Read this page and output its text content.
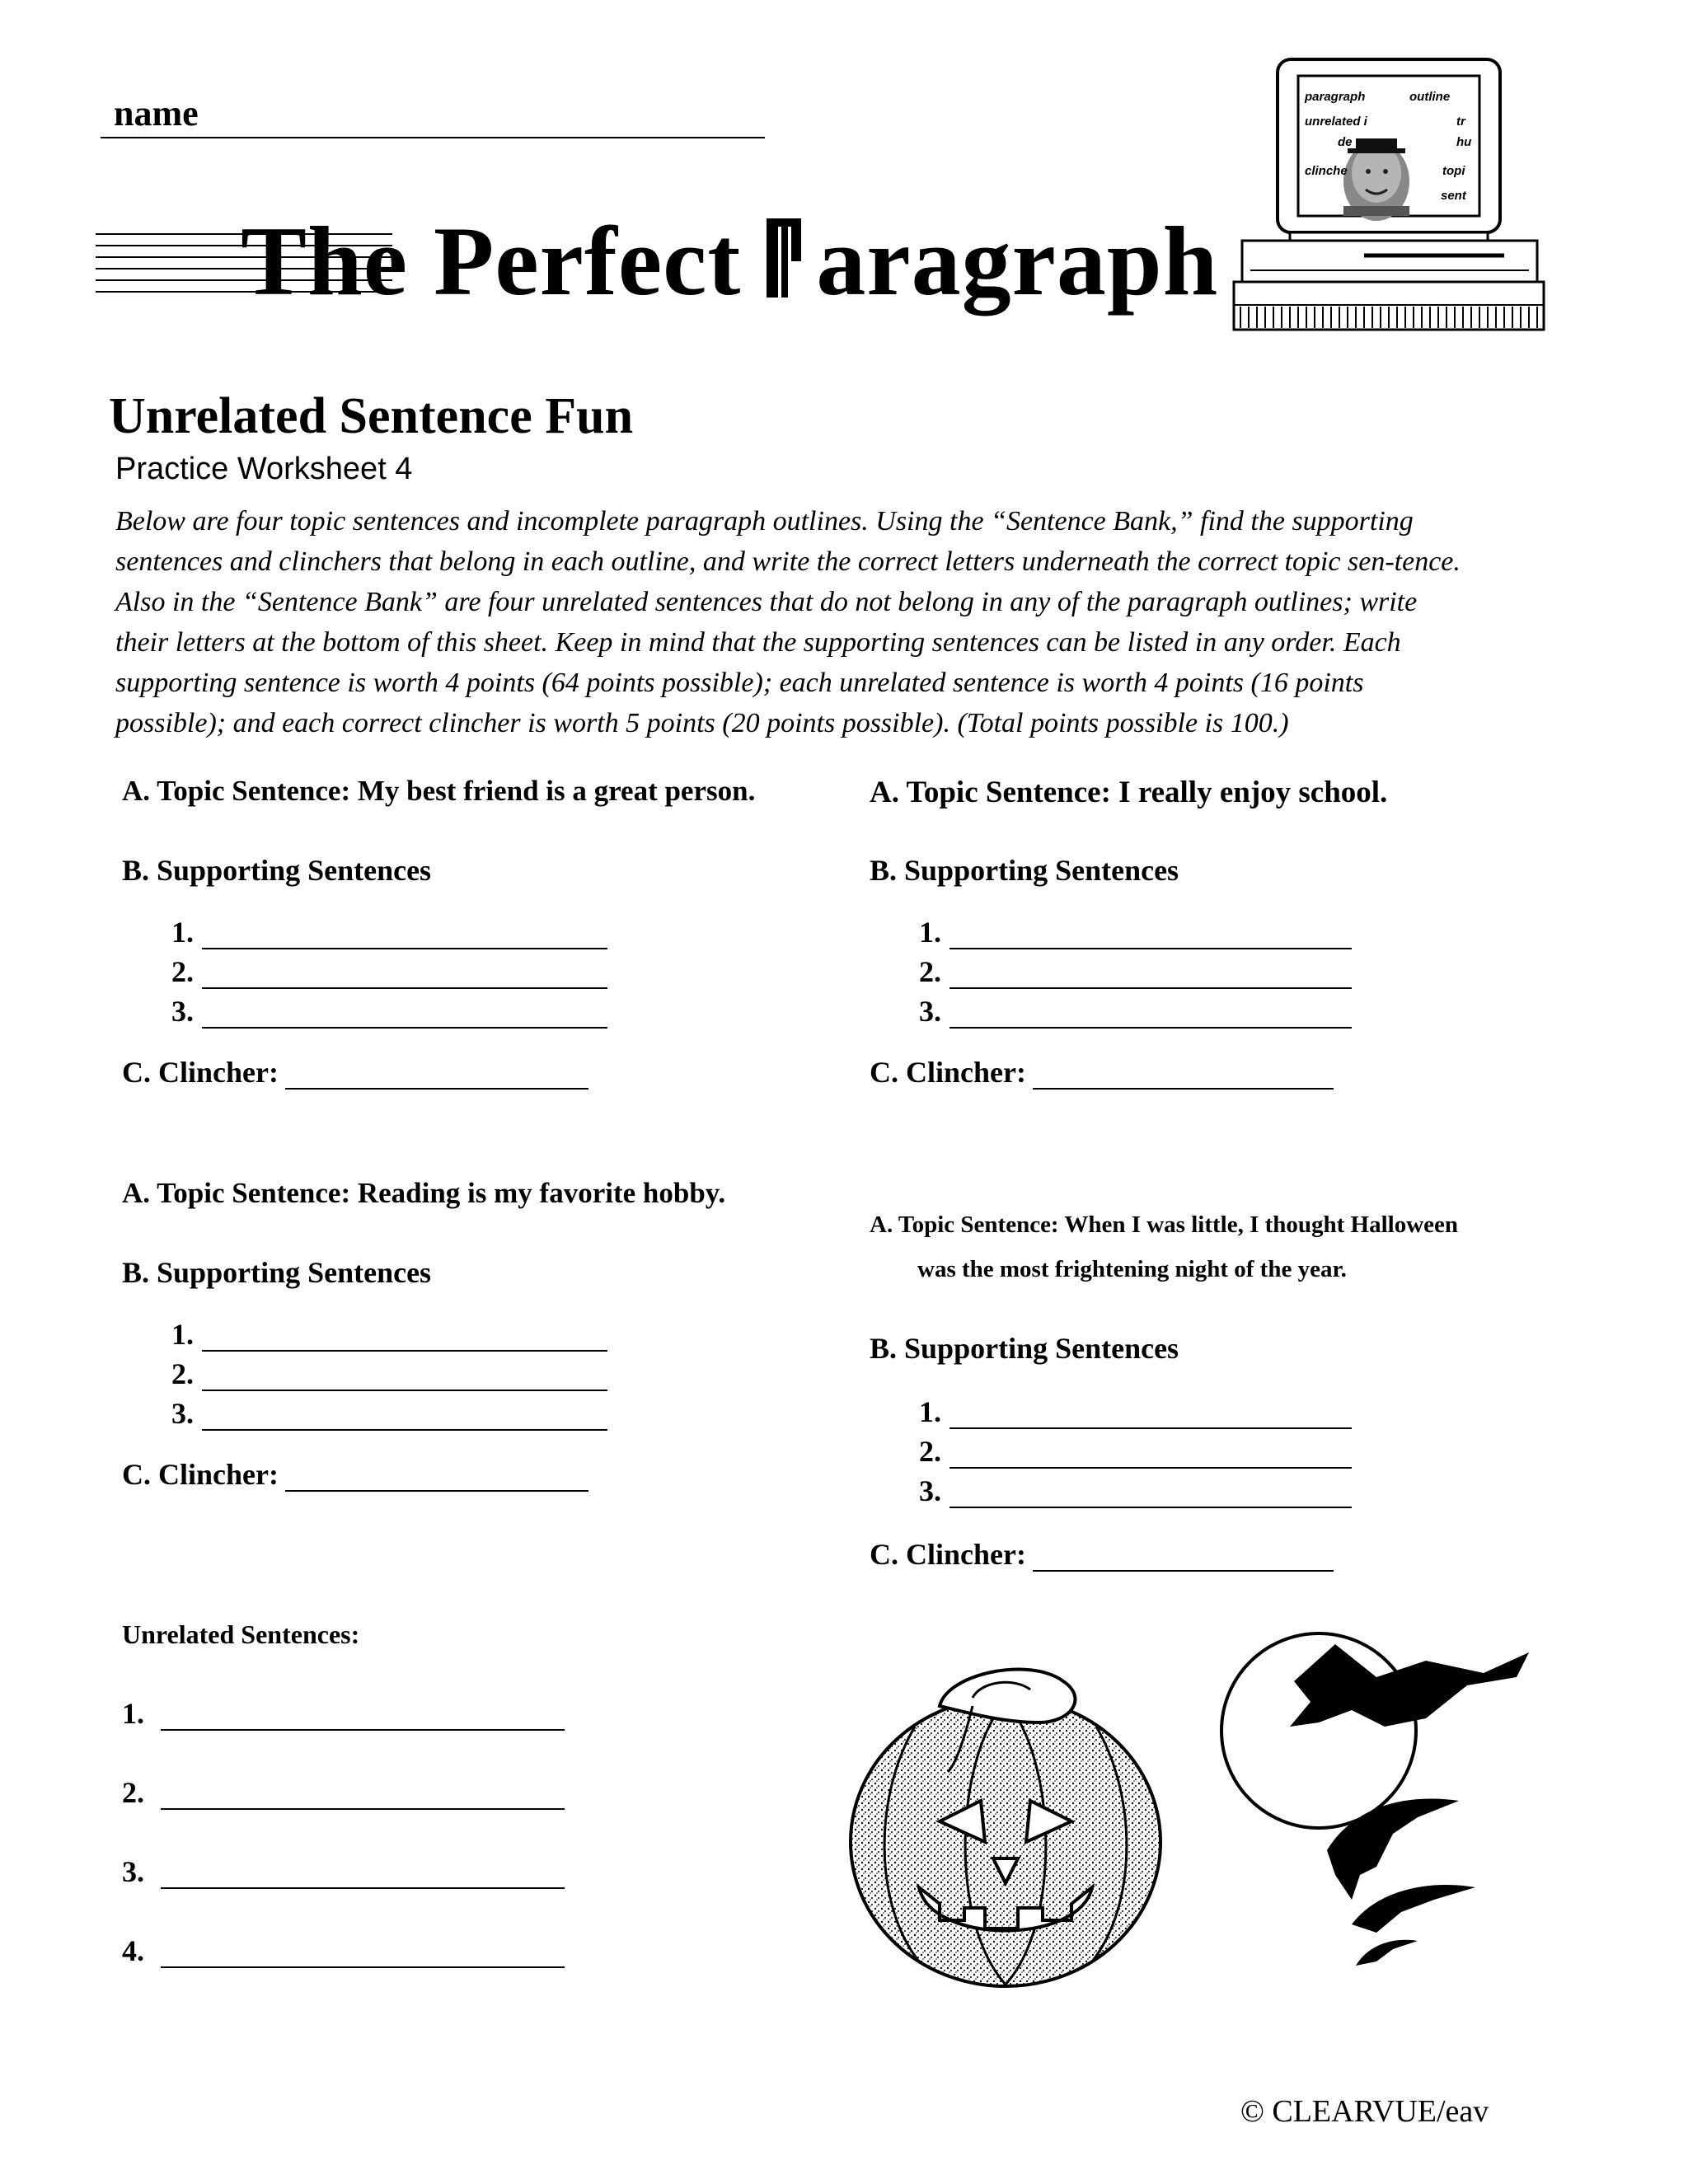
name
The Perfect
aragraph
paragraph	outline
unrelated i	tr
de	hu
clinche	topi
sent
Unrelated Sentence Fun
Practice Worksheet 4

Below are four topic sentences and incomplete paragraph outlines. Using the “Sentence Bank,” find the supporting

sentences and clinchers that belong in each outline, and write the correct letters underneath the correct topic sen-tence.

Also in the “Sentence Bank” are four unrelated sentences that do not belong in any of the paragraph outlines; write

their letters at the bottom of this sheet. Keep in mind that the supporting sentences can be listed in any order. Each

supporting sentence is worth 4 points (64 points possible); each unrelated sentence is worth 4 points (16 points

possible); and each correct clincher is worth 5 points (20 points possible). (Total points possible is 100.)

A. Topic Sentence: My best friend is a great person.
B. Supporting Sentences
1.
2.
3.
C. Clincher:
A. Topic Sentence: I really enjoy school.
B. Supporting Sentences
1.
2.
3.
C. Clincher:
A. Topic Sentence: Reading is my favorite hobby.
B. Supporting Sentences
1.
2.
3.
C. Clincher:
A. Topic Sentence: When I was little, I thought Halloween
was the most frightening night of the year.
B. Supporting Sentences
1.
2.
3.
C. Clincher:
Unrelated Sentences:
1.
2.
3.
4.
© CLEARVUE/eav
